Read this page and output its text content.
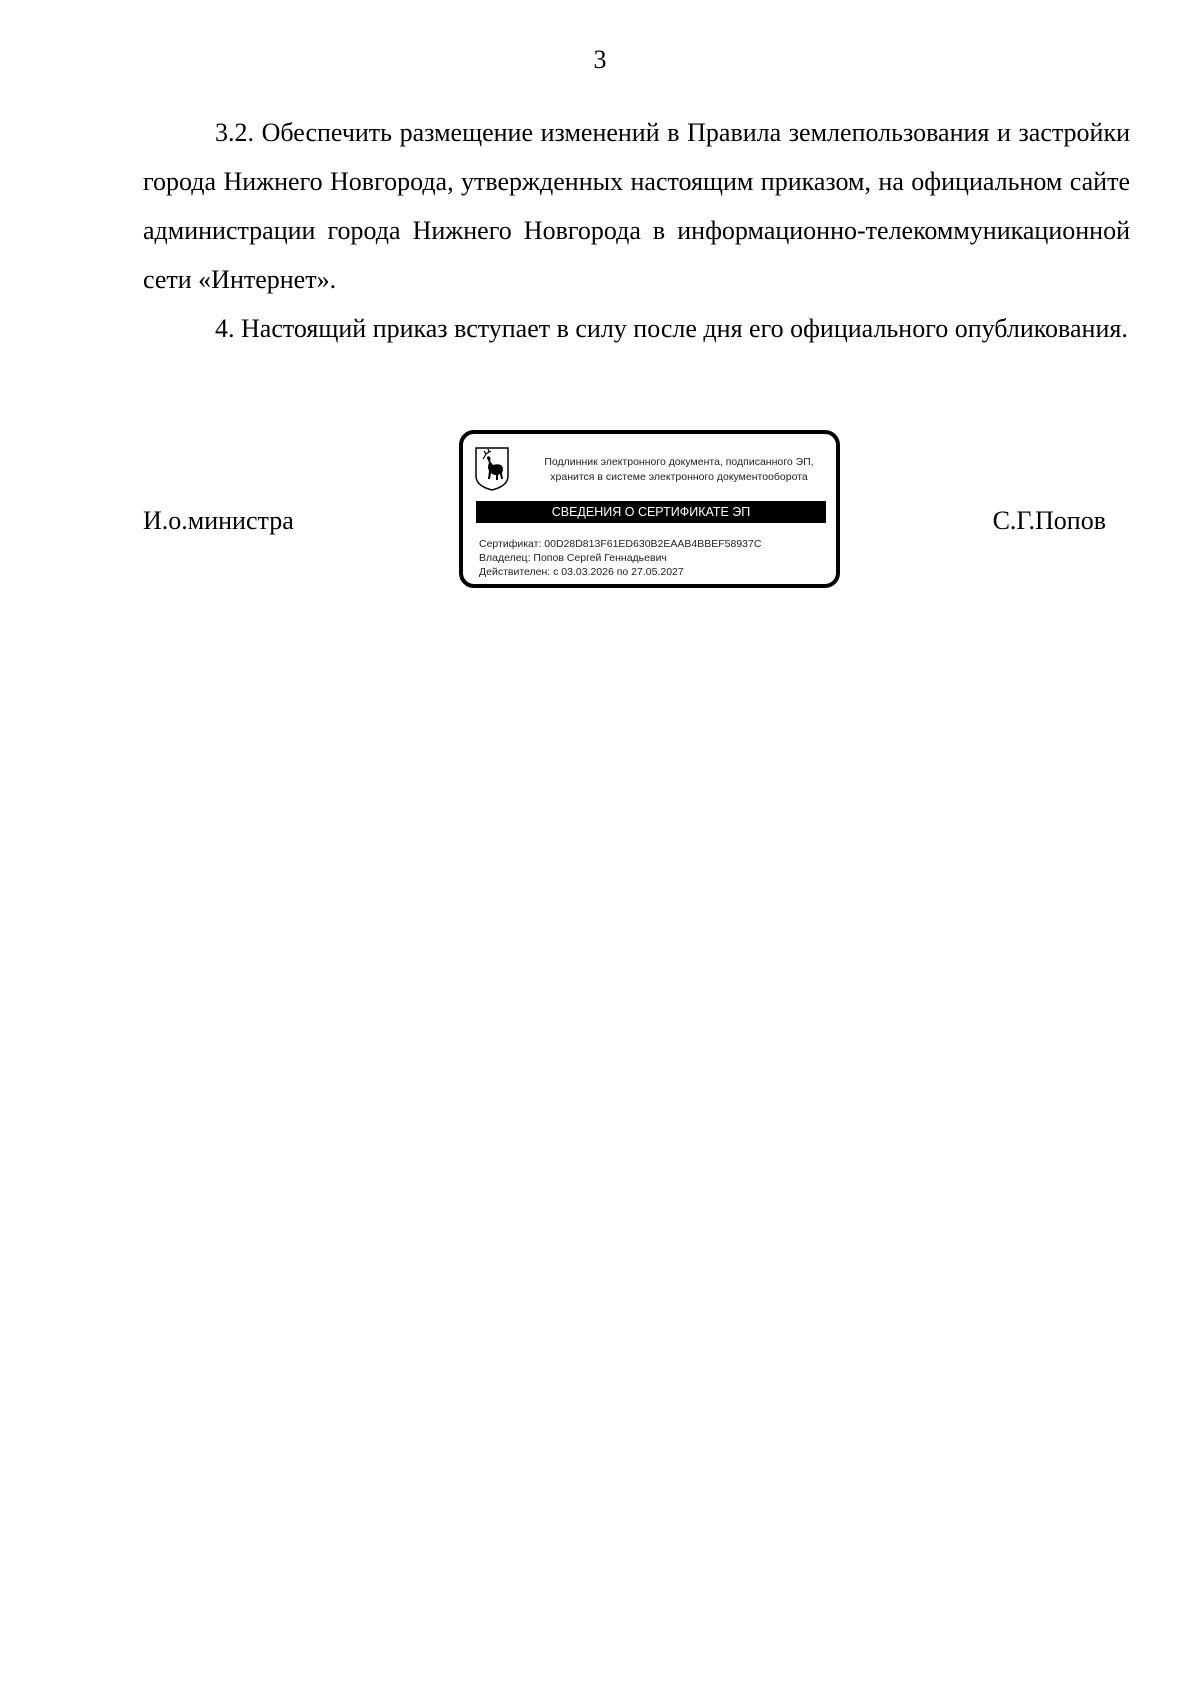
3

3.2. Обеспечить размещение изменений в Правила землепользования и застройки города Нижнего Новгорода, утвержденных настоящим приказом, на официальном сайте администрации города Нижнего Новгорода в информационно-телекоммуникационной сети «Интернет».

4. Настоящий приказ вступает в силу после дня его официального опубликования.

И.о.министра	С.Г.Попов
Подлинник электронного документа, подписанного ЭП,
хранится в системе электронного документооборота
СВЕДЕНИЯ О СЕРТИФИКАТЕ ЭП
Сертификат: 00D28D813F61ED630B2EAAB4BBEF58937C
Владелец: Попов Сергей Геннадьевич
Действителен: с 03.03.2026 по 27.05.2027
